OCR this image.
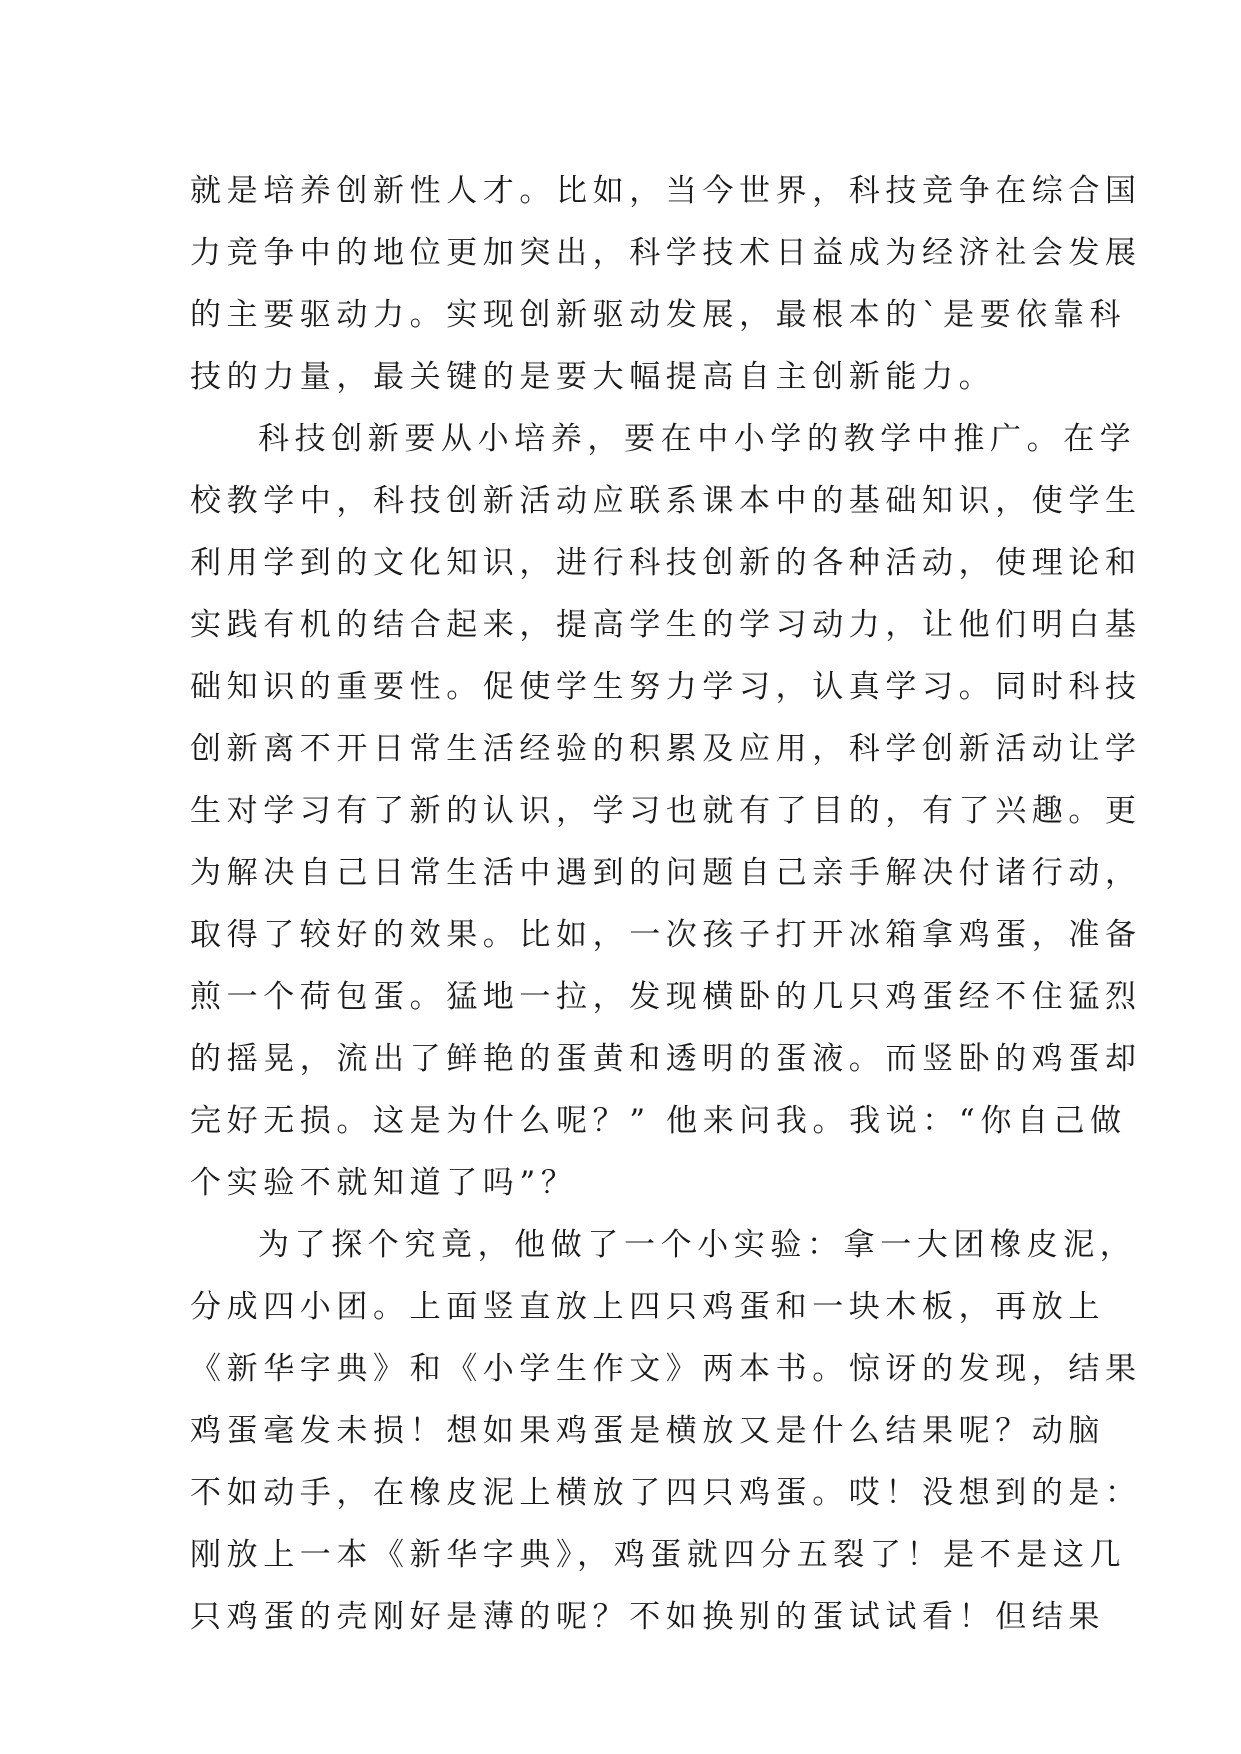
就是培养创新性人才。比如，当今世界，科技竞争在综合国
力竞争中的地位更加突出，科学技术日益成为经济社会发展
的主要驱动力。实现创新驱动发展，最根本的`是要依靠科
技的力量，最关键的是要大幅提高自主创新能力。
科技创新要从小培养，要在中小学的教学中推广。在学
校教学中，科技创新活动应联系课本中的基础知识，使学生
利用学到的文化知识，进行科技创新的各种活动，使理论和
实践有机的结合起来，提高学生的学习动力，让他们明白基
础知识的重要性。促使学生努力学习，认真学习。同时科技
创新离不开日常生活经验的积累及应用，科学创新活动让学
生对学习有了新的认识，学习也就有了目的，有了兴趣。更
为解决自己日常生活中遇到的问题自己亲手解决付诸行动，
取得了较好的效果。比如，一次孩子打开冰箱拿鸡蛋，准备
煎一个荷包蛋。猛地一拉，发现横卧的几只鸡蛋经不住猛烈
的摇晃，流出了鲜艳的蛋黄和透明的蛋液。而竖卧的鸡蛋却
完好无损。这是为什么呢？” 他来问我。我说：“你自己做
个实验不就知道了吗”？
为了探个究竟，他做了一个小实验：拿一大团橡皮泥，
分成四小团。上面竖直放上四只鸡蛋和一块木板，再放上
《新华字典》和《小学生作文》两本书。惊讶的发现，结果
鸡蛋毫发未损！想如果鸡蛋是横放又是什么结果呢？动脑
不如动手，在橡皮泥上横放了四只鸡蛋。哎！没想到的是：
刚放上一本《新华字典》，鸡蛋就四分五裂了！是不是这几
只鸡蛋的壳刚好是薄的呢？不如换别的蛋试试看！但结果
